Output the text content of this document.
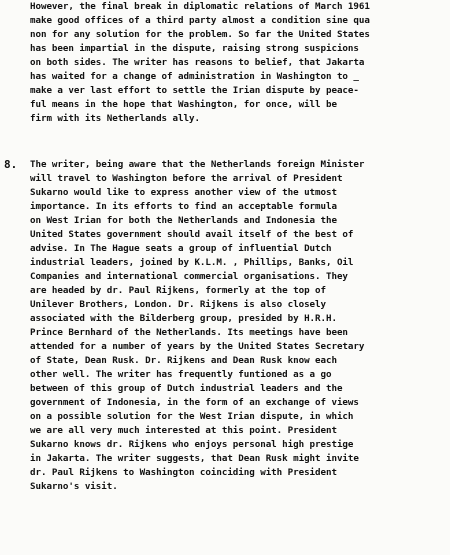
However, the final break in diplomatic relations of March 1961
make good offices of a third party almost a condition sine qua
non for any solution for the problem. So far the United States
has been impartial in the dispute, raising strong suspicions
on both sides. The writer has reasons to belief, that Jakarta
has waited for a change of administration in Washington to _
make a ver last effort to settle the Irian dispute by peace-
ful means in the hope that Washington, for once, will be
firm with its Netherlands ally.
8. The writer, being aware that the Netherlands foreign Minister
will travel to Washington before the arrival of President
Sukarno would like to express another view of the utmost
importance. In its efforts to find an acceptable formula
on West Irian for both the Netherlands and Indonesia the
United States government should avail itself of the best of
advise. In The Hague seats a group of influential Dutch
industrial leaders, joined by K.L.M. , Phillips, Banks, Oil
Companies and international commercial organisations. They
are headed by dr. Paul Rijkens, formerly at the top of
Unilever Brothers, London. Dr. Rijkens is also closely
associated with the Bilderberg group, presided by H.R.H.
Prince Bernhard of the Netherlands. Its meetings have been
attended for a number of years by the United States Secretary
of State, Dean Rusk. Dr. Rijkens and Dean Rusk know each
other well. The writer has frequently funtioned as a go
between of this group of Dutch industrial leaders and the
government of Indonesia, in the form of an exchange of views
on a possible solution for the West Irian dispute, in which
we are all very much interested at this point. President
Sukarno knows dr. Rijkens who enjoys personal high prestige
in Jakarta. The writer suggests, that Dean Rusk might invite
dr. Paul Rijkens to Washington coinciding with President
Sukarno's visit.
